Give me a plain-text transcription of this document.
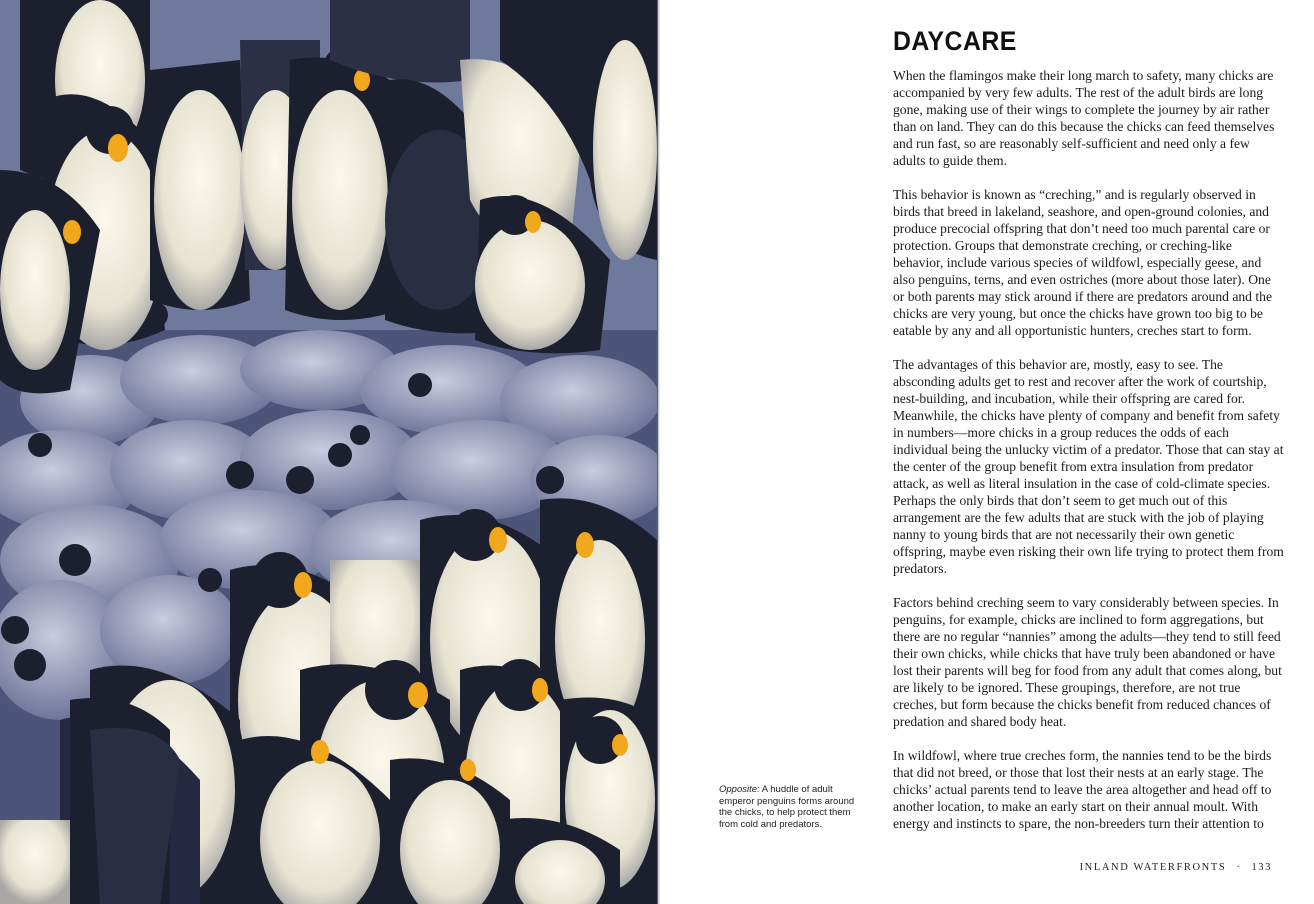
DAYCARE

When the flamingos make their long march to safety, many chicks are accompanied by very few adults. The rest of the adult birds are long gone, making use of their wings to complete the journey by air rather than on land. They can do this because the chicks can feed themselves and run fast, so are reasonably self-sufficient and need only a few adults to guide them.

This behavior is known as “creching,” and is regularly observed in birds that breed in lakeland, seashore, and open-ground colonies, and produce precocial offspring that don’t need too much parental care or protection. Groups that demonstrate creching, or creching-like behavior, include various species of wildfowl, especially geese, and also penguins, terns, and even ostriches (more about those later). One or both parents may stick around if there are predators around and the chicks are very young, but once the chicks have grown too big to be eatable by any and all opportunistic hunters, creches start to form.

The advantages of this behavior are, mostly, easy to see. The absconding adults get to rest and recover after the work of courtship, nest-building, and incubation, while their offspring are cared for. Meanwhile, the chicks have plenty of company and benefit from safety in numbers—more chicks in a group reduces the odds of each individual being the unlucky victim of a predator. Those that can stay at the center of the group benefit from extra insulation from predator attack, as well as literal insulation in the case of cold-climate species. Perhaps the only birds that don’t seem to get much out of this arrangement are the few adults that are stuck with the job of playing nanny to young birds that are not necessarily their own genetic offspring, maybe even risking their own life trying to protect them from predators.

Factors behind creching seem to vary considerably between species. In penguins, for example, chicks are inclined to form aggregations, but there are no regular “nannies” among the adults—they tend to still feed their own chicks, while chicks that have truly been abandoned or have lost their parents will beg for food from any adult that comes along, but are likely to be ignored. These groupings, therefore, are not true creches, but form because the chicks benefit from reduced chances of predation and shared body heat.

In wildfowl, where true creches form, the nannies tend to be the birds that did not breed, or those that lost their nests at an early stage. The chicks’ actual parents tend to leave the area altogether and head off to another location, to make an early start on their annual moult. With energy and instincts to spare, the non-breeders turn their attention to

Opposite: A huddle of adult emperor penguins forms around the chicks, to help protect them from cold and predators.
INLAND WATERFRONTS · 133
